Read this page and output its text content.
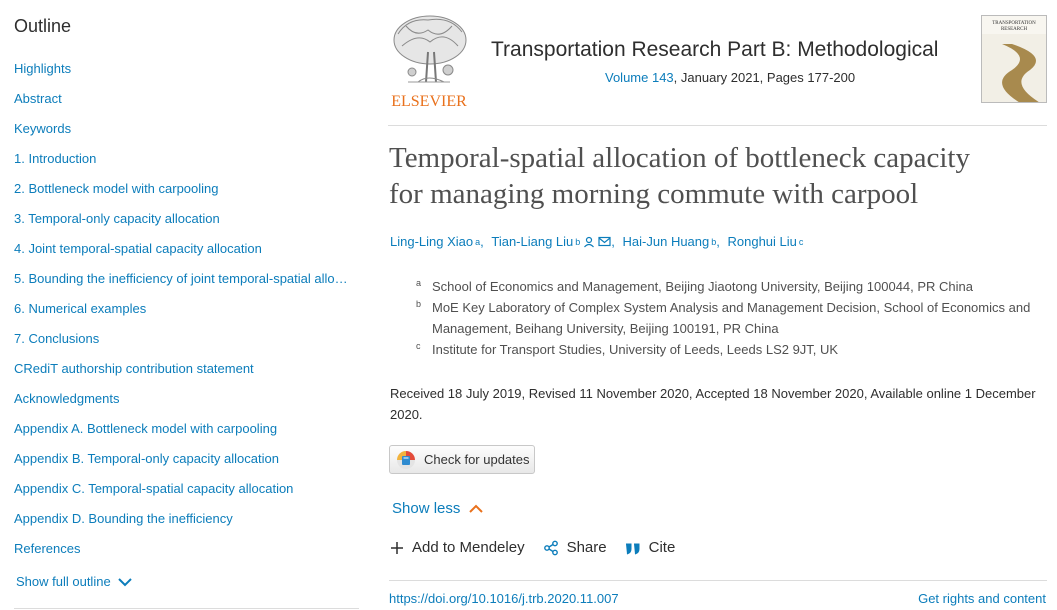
Outline
Highlights
Abstract
Keywords
1. Introduction
2. Bottleneck model with carpooling
3. Temporal-only capacity allocation
4. Joint temporal-spatial capacity allocation
5. Bounding the inefficiency of joint temporal-spatial allo…
6. Numerical examples
7. Conclusions
CRediT authorship contribution statement
Acknowledgments
Appendix A. Bottleneck model with carpooling
Appendix B. Temporal-only capacity allocation
Appendix C. Temporal-spatial capacity allocation
Appendix D. Bounding the inefficiency
References
Show full outline
ELSEVIER
Transportation Research Part B: Methodological
Volume 143, January 2021, Pages 177-200
TRANSPORTATION RESEARCH
Temporal-spatial allocation of bottleneck capacity
for managing morning commute with carpool
Ling-Ling Xiao a , Tian-Liang Liu b , Hai-Jun Huang b , Ronghui Liu c
a School of Economics and Management, Beijing Jiaotong University, Beijing 100044, PR China
b MoE Key Laboratory of Complex System Analysis and Management Decision, School of Economics and Management, Beihang University, Beijing 100191, PR China
c Institute for Transport Studies, University of Leeds, Leeds LS2 9JT, UK
Received 18 July 2019, Revised 11 November 2020, Accepted 18 November 2020, Available online 1 December 2020.
Check for updates
Show less
Add to Mendeley	Share	Cite
https://doi.org/10.1016/j.trb.2020.11.007	Get rights and content
